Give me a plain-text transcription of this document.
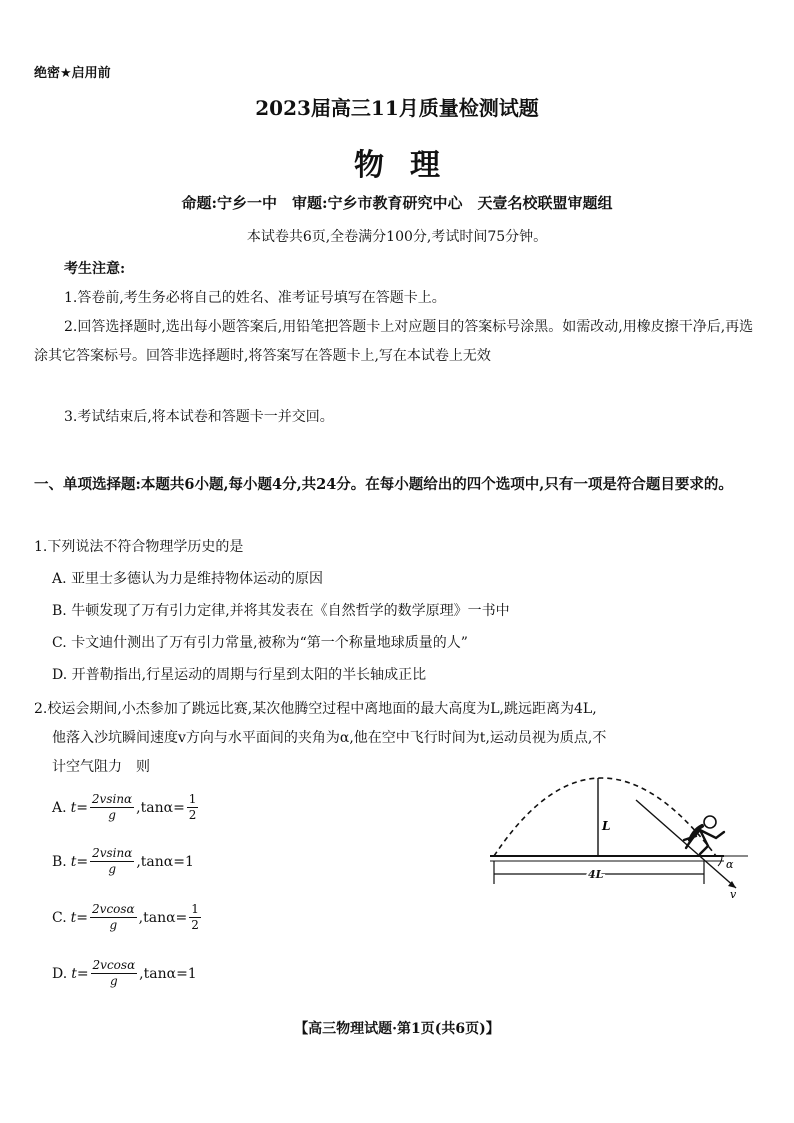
绝密★启用前
2023届高三11月质量检测试题
物理
命题:宁乡一中　审题:宁乡市教育研究中心　天壹名校联盟审题组
本试卷共6页,全卷满分100分,考试时间75分钟。
考生注意:
1.答卷前,考生务必将自己的姓名、准考证号填写在答题卡上。
2.回答选择题时,选出每小题答案后,用铅笔把答题卡上对应题目的答案标号涂黑。如需改动,用橡皮擦干净后,再选涂其它答案标号。回答非选择题时,将答案写在答题卡上,写在本试卷上无效
3.考试结束后,将本试卷和答题卡一并交回。
一、单项选择题:本题共6小题,每小题4分,共24分。在每小题给出的四个选项中,只有一项是符合题目要求的。
1.下列说法不符合物理学历史的是
A. 亚里士多德认为力是维持物体运动的原因
B. 牛顿发现了万有引力定律,并将其发表在《自然哲学的数学原理》一书中
C. 卡文迪什测出了万有引力常量,被称为“第一个称量地球质量的人”
D. 开普勒指出,行星运动的周期与行星到太阳的半长轴成正比
2.校运会期间,小杰参加了跳远比赛,某次他腾空过程中离地面的最大高度为L,跳远距离为4L,

他落入沙坑瞬间速度v方向与水平面间的夹角为α,他在空中飞行时间为t,运动员视为质点,不
计空气阻力　则
A. $t= \frac{2vsin\alpha}{g} ,\tan\alpha= \frac{1}{2}$
B. $t= \frac{2vsin\alpha}{g} ,\tan\alpha= 1$
C. $t= \frac{2vcos\alpha}{g} ,\tan\alpha= \frac{1}{2}$
D. $t= \frac{2vcos\alpha}{g} ,\tan\alpha= 1$
L
4L
v
α
【高三物理试题·第1页(共6页)】
